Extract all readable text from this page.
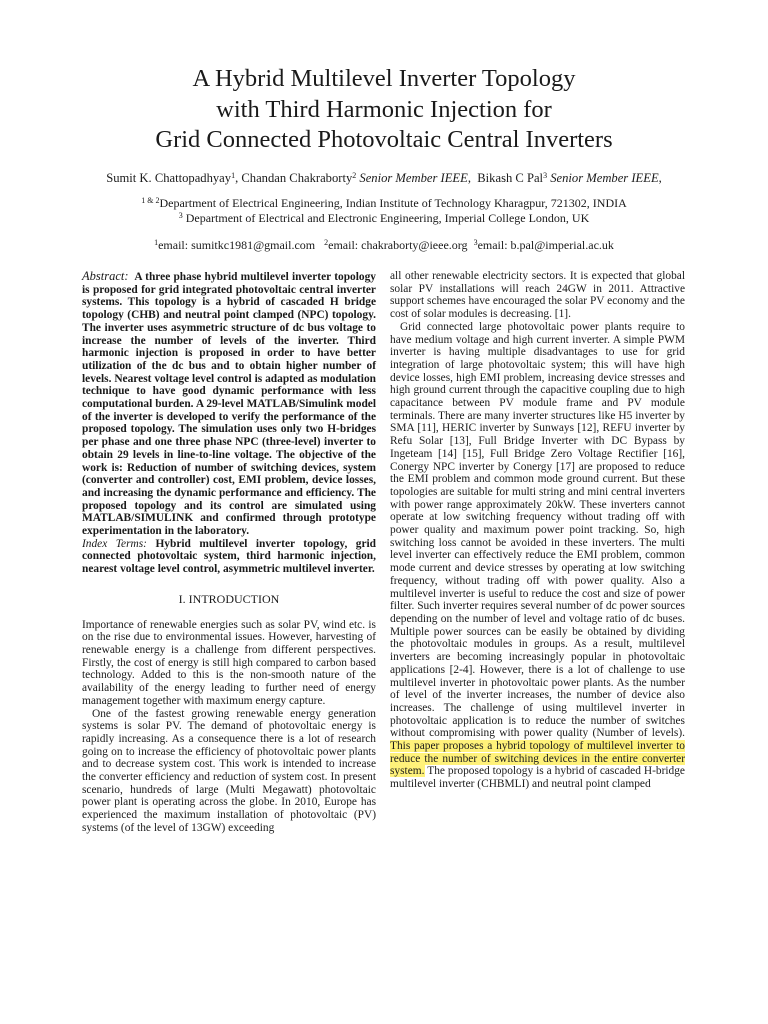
A Hybrid Multilevel Inverter Topology
with Third Harmonic Injection for
Grid Connected Photovoltaic Central Inverters
Sumit K. Chattopadhyay$^1$, Chandan Chakraborty$^2$ Senior Member IEEE,  Bikash C Pal$^3$ Senior Member IEEE,
$^{1 \& 2}$Department of Electrical Engineering, Indian Institute of Technology Kharagpur, 721302, INDIA
$^3$ Department of Electrical and Electronic Engineering, Imperial College London, UK
$^1$email: sumitkc1981@gmail.com $^2$email: chakraborty@ieee.org $^3$email: b.pal@imperial.ac.uk

Abstract: A three phase hybrid multilevel inverter topology is proposed for grid integrated photovoltaic central inverter systems. This topology is a hybrid of cascaded H bridge topology (CHB) and neutral point clamped (NPC) topology. The inverter uses asymmetric structure of dc bus voltage to increase the number of levels of the inverter. Third harmonic injection is proposed in order to have better utilization of the dc bus and to obtain higher number of levels. Nearest voltage level control is adapted as modulation technique to have good dynamic performance with less computational burden. A 29-level MATLAB/Simulink model of the inverter is developed to verify the performance of the proposed topology. The simulation uses only two H-bridges per phase and one three phase NPC (three-level) inverter to obtain 29 levels in line-to-line voltage. The objective of the work is: Reduction of number of switching devices, system (converter and controller) cost, EMI problem, device losses, and increasing the dynamic performance and efficiency. The proposed topology and its control are simulated using MATLAB/SIMULINK and confirmed through prototype experimentation in the laboratory.

Index Terms: Hybrid multilevel inverter topology, grid connected photovoltaic system, third harmonic injection, nearest voltage level control, asymmetric multilevel inverter.

I. INTRODUCTION

Importance of renewable energies such as solar PV, wind etc. is on the rise due to environmental issues. However, harvesting of renewable energy is a challenge from different perspectives. Firstly, the cost of energy is still high compared to carbon based technology. Added to this is the non-smooth nature of the availability of the energy leading to further need of energy management together with maximum energy capture.

One of the fastest growing renewable energy generation systems is solar PV. The demand of photovoltaic energy is rapidly increasing. As a consequence there is a lot of research going on to increase the efficiency of photovoltaic power plants and to decrease system cost. This work is intended to increase the converter efficiency and reduction of system cost. In present scenario, hundreds of large (Multi Megawatt) photovoltaic power plant is operating across the globe. In 2010, Europe has experienced the maximum installation of photovoltaic (PV) systems (of the level of 13GW) exceeding

all other renewable electricity sectors. It is expected that global solar PV installations will reach 24GW in 2011. Attractive support schemes have encouraged the solar PV economy and the cost of solar modules is decreasing. [1].

Grid connected large photovoltaic power plants require to have medium voltage and high current inverter. A simple PWM inverter is having multiple disadvantages to use for grid integration of large photovoltaic system; this will have high device losses, high EMI problem, increasing device stresses and high ground current through the capacitive coupling due to high capacitance between PV module frame and PV module terminals. There are many inverter structures like H5 inverter by SMA [11], HERIC inverter by Sunways [12], REFU inverter by Refu Solar [13], Full Bridge Inverter with DC Bypass by Ingeteam [14] [15], Full Bridge Zero Voltage Rectifier [16], Conergy NPC inverter by Conergy [17] are proposed to reduce the EMI problem and common mode ground current. But these topologies are suitable for multi string and mini central inverters with power range approximately 20kW. These inverters cannot operate at low switching frequency without trading off with power quality and maximum power point tracking. So, high switching loss cannot be avoided in these inverters. The multi level inverter can effectively reduce the EMI problem, common mode current and device stresses by operating at low switching frequency, without trading off with power quality. Also a multilevel inverter is useful to reduce the cost and size of power filter. Such inverter requires several number of dc power sources depending on the number of level and voltage ratio of dc buses. Multiple power sources can be easily be obtained by dividing the photovoltaic modules in groups. As a result, multilevel inverters are becoming increasingly popular in photovoltaic applications [2-4]. However, there is a lot of challenge to use multilevel inverter in photovoltaic power plants. As the number of level of the inverter increases, the number of device also increases. The challenge of using multilevel inverter in photovoltaic application is to reduce the number of switches without compromising with power quality (Number of levels). This paper proposes a hybrid topology of multilevel inverter to reduce the number of switching devices in the entire converter system. The proposed topology is a hybrid of cascaded H-bridge multilevel inverter (CHBMLI) and neutral point clamped
